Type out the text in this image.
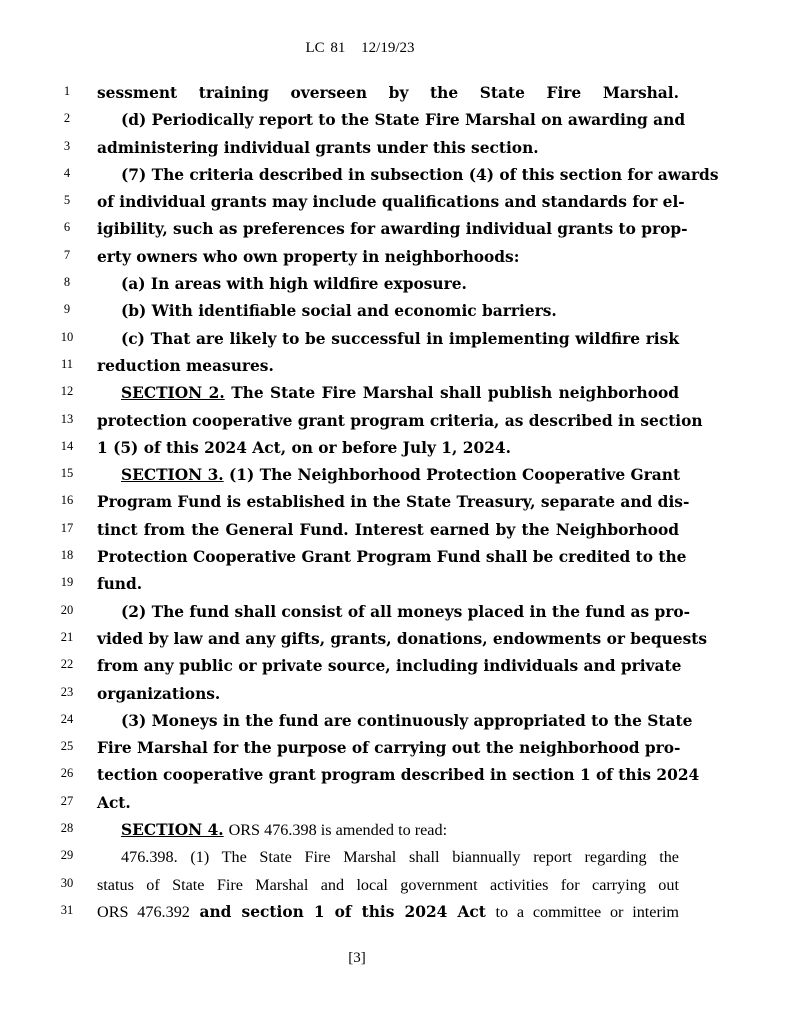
LC 81 12/19/23
1	sessment training overseen by the State Fire Marshal.
2	(d) Periodically report to the State Fire Marshal on awarding and
3	administering individual grants under this section.
4	(7) The criteria described in subsection (4) of this section for awards
5	of individual grants may include qualifications and standards for el-
6	igibility, such as preferences for awarding individual grants to prop-
7	erty owners who own property in neighborhoods:
8	(a) In areas with high wildfire exposure.
9	(b) With identifiable social and economic barriers.
10	(c) That are likely to be successful in implementing wildfire risk
11	reduction measures.
12	SECTION 2. The State Fire Marshal shall publish neighborhood
13	protection cooperative grant program criteria, as described in section
14	1 (5) of this 2024 Act, on or before July 1, 2024.
15	SECTION 3. (1) The Neighborhood Protection Cooperative Grant
16	Program Fund is established in the State Treasury, separate and dis-
17	tinct from the General Fund. Interest earned by the Neighborhood
18	Protection Cooperative Grant Program Fund shall be credited to the
19	fund.
20	(2) The fund shall consist of all moneys placed in the fund as pro-
21	vided by law and any gifts, grants, donations, endowments or bequests
22	from any public or private source, including individuals and private
23	organizations.
24	(3) Moneys in the fund are continuously appropriated to the State
25	Fire Marshal for the purpose of carrying out the neighborhood pro-
26	tection cooperative grant program described in section 1 of this 2024
27	Act.
28	SECTION 4. ORS 476.398 is amended to read:
29	476.398. (1) The State Fire Marshal shall biannually report regarding the
30	status of State Fire Marshal and local government activities for carrying out
31	ORS 476.392 and section 1 of this 2024 Act to a committee or interim
[3]
